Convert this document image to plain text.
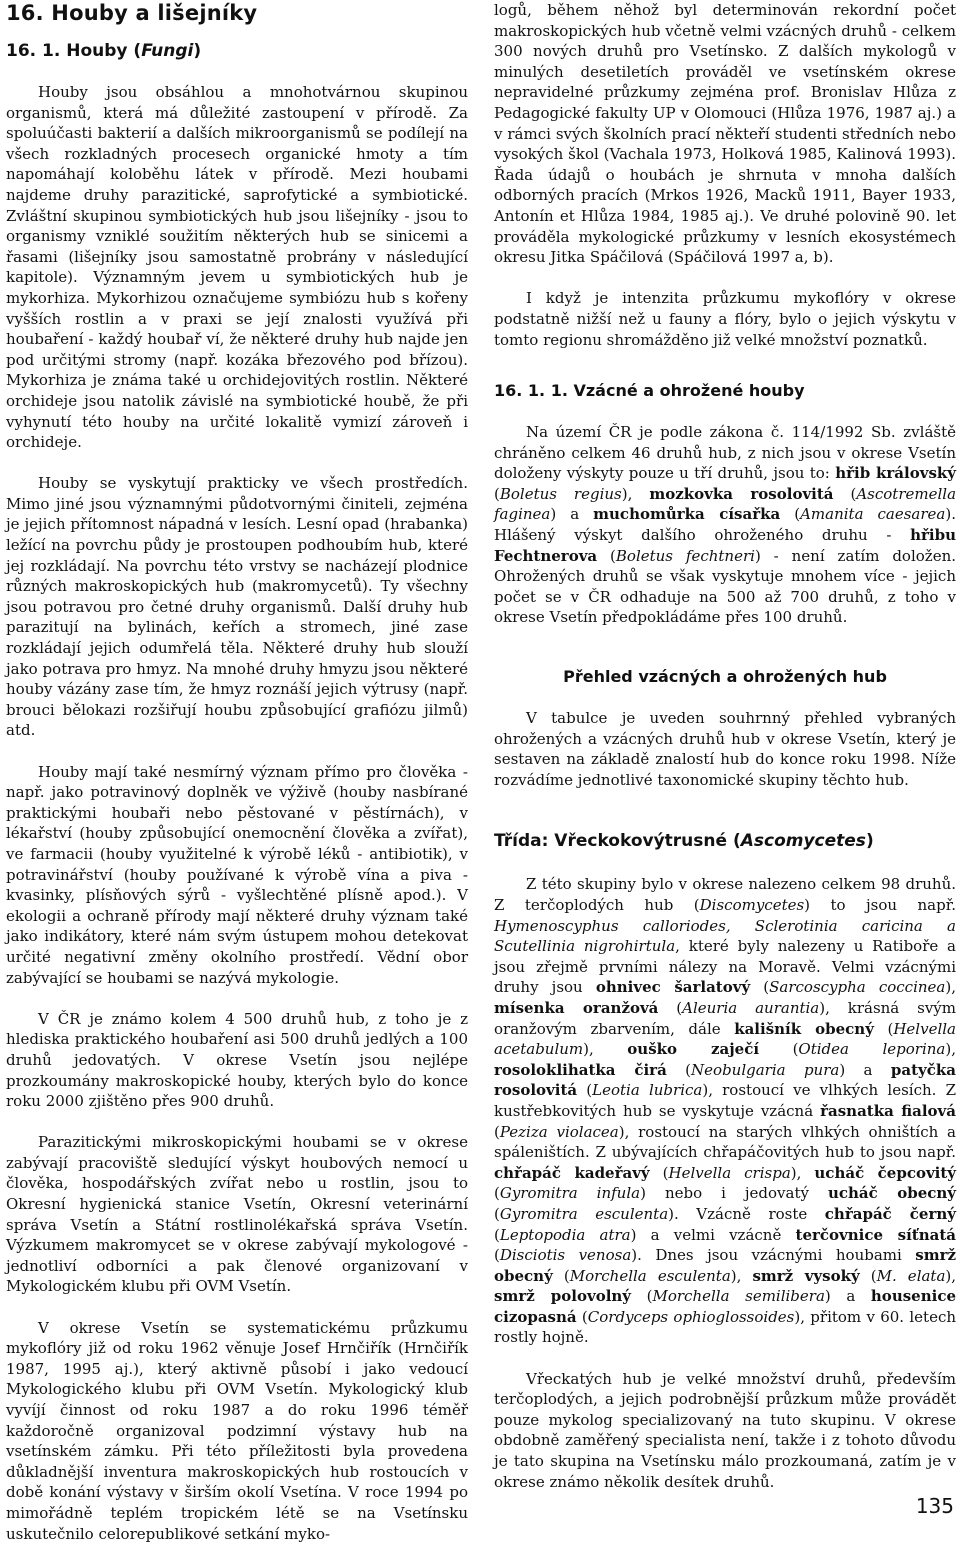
16. Houby a lišejníky
16. 1. Houby (Fungi)

Houby jsou obsáhlou a mnohotvárnou skupinou organismů, která má důležité zastoupení v přírodě. Za spoluúčasti bakterií a dalších mikroorganismů se podílejí na všech rozkladných procesech organické hmoty a tím napomáhají koloběhu látek v přírodě. Mezi houbami najdeme druhy parazitické, saprofytické a symbiotické. Zvláštní skupinou symbiotických hub jsou lišejníky - jsou to organismy vzniklé soužitím některých hub se sinicemi a řasami (lišejníky jsou samostatně probrány v následující kapitole). Významným jevem u symbiotických hub je mykorhiza. Mykorhizou označujeme symbiózu hub s kořeny vyšších rostlin a v praxi se její znalosti využívá při houbaření - každý houbař ví, že některé druhy hub najde jen pod určitými stromy (např. kozáka březového pod břízou). Mykorhiza je známa také u orchidejovitých rostlin. Některé orchideje jsou natolik závislé na symbiotické houbě, že při vyhynutí této houby na určité lokalitě vymizí zároveň i orchideje.

Houby se vyskytují prakticky ve všech prostředích. Mimo jiné jsou významnými půdotvornými činiteli, zejména je jejich přítomnost nápadná v lesích. Lesní opad (hrabanka) ležící na povrchu půdy je prostoupen podhoubím hub, které jej rozkládají. Na povrchu této vrstvy se nacházejí plodnice různých makroskopických hub (makromycetů). Ty všechny jsou potravou pro četné druhy organismů. Další druhy hub parazitují na bylinách, keřích a stromech, jiné zase rozkládají jejich odumřelá těla. Některé druhy hub slouží jako potrava pro hmyz. Na mnohé druhy hmyzu jsou některé houby vázány zase tím, že hmyz roznáší jejich výtrusy (např. brouci bělokazi rozšiřují houbu způsobující grafiózu jilmů) atd.

Houby mají také nesmírný význam přímo pro člověka - např. jako potravinový doplněk ve výživě (houby nasbírané praktickými houbaři nebo pěstované v pěstírnách), v lékařství (houby způsobující onemocnění člověka a zvířat), ve farmacii (houby využitelné k výrobě léků - antibiotik), v potravinářství (houby používané k výrobě vína a piva - kvasinky, plísňových sýrů - vyšlechtěné plísně apod.). V ekologii a ochraně přírody mají některé druhy význam také jako indikátory, které nám svým ústupem mohou detekovat určité negativní změny okolního prostředí. Vědní obor zabývající se houbami se nazývá mykologie.

V ČR je známo kolem 4 500 druhů hub, z toho je z hlediska praktického houbaření asi 500 druhů jedlých a 100 druhů jedovatých. V okrese Vsetín jsou nejlépe prozkoumány makroskopické houby, kterých bylo do konce roku 2000 zjištěno přes 900 druhů.

Parazitickými mikroskopickými houbami se v okrese zabývají pracoviště sledující výskyt houbových nemocí u člověka, hospodářských zvířat nebo u rostlin, jsou to Okresní hygienická stanice Vsetín, Okresní veterinární správa Vsetín a Státní rostlinolékařská správa Vsetín. Výzkumem makromycet se v okrese zabývají mykologové - jednotliví odborníci a pak členové organizovaní v Mykologickém klubu při OVM Vsetín.

V okrese Vsetín se systematickému průzkumu mykoflóry již od roku 1962 věnuje Josef Hrnčiřík (Hrnčiřík 1987, 1995 aj.), který aktivně působí i jako vedoucí Mykologického klubu při OVM Vsetín. Mykologický klub vyvíjí činnost od roku 1987 a do roku 1996 téměř každoročně organizoval podzimní výstavy hub na vsetínském zámku. Při této příležitosti byla provedena důkladnější inventura makroskopických hub rostoucích v době konání výstavy v širším okolí Vsetína. V roce 1994 po mimořádně teplém tropickém létě se na Vsetínsku uskutečnilo celorepublikové setkání myko-

logů, během něhož byl determinován rekordní počet makroskopických hub včetně velmi vzácných druhů - celkem 300 nových druhů pro Vsetínsko. Z dalších mykologů v minulých desetiletích prováděl ve vsetínském okrese nepravidelné průzkumy zejména prof. Bronislav Hlůza z Pedagogické fakulty UP v Olomouci (Hlůza 1976, 1987 aj.) a v rámci svých školních prací někteří studenti středních nebo vysokých škol (Vachala 1973, Holková 1985, Kalinová 1993). Řada údajů o houbách je shrnuta v mnoha dalších odborných pracích (Mrkos 1926, Macků 1911, Bayer 1933, Antonín et Hlůza 1984, 1985 aj.). Ve druhé polovině 90. let prováděla mykologické průzkumy v lesních ekosystémech okresu Jitka Spáčilová (Spáčilová 1997 a, b).

I když je intenzita průzkumu mykoflóry v okrese podstatně nižší než u fauny a flóry, bylo o jejich výskytu v tomto regionu shromážděno již velké množství poznatků.

16. 1. 1. Vzácné a ohrožené houby

Na území ČR je podle zákona č. 114/1992 Sb. zvláště chráněno celkem 46 druhů hub, z nich jsou v okrese Vsetín doloženy výskyty pouze u tří druhů, jsou to: hřib královský (Boletus regius), mozkovka rosolovitá (Ascotremella faginea) a muchomůrka císařka (Amanita caesarea). Hlášený výskyt dalšího ohroženého druhu - hřibu Fechtnerova (Boletus fechtneri) - není zatím doložen. Ohrožených druhů se však vyskytuje mnohem více - jejich počet se v ČR odhaduje na 500 až 700 druhů, z toho v okrese Vsetín předpokládáme přes 100 druhů.

Přehled vzácných a ohrožených hub

V tabulce je uveden souhrnný přehled vybraných ohrožených a vzácných druhů hub v okrese Vsetín, který je sestaven na základě znalostí hub do konce roku 1998. Níže rozvádíme jednotlivé taxonomické skupiny těchto hub.

Třída: Vřeckokovýtrusné (Ascomycetes)

Z této skupiny bylo v okrese nalezeno celkem 98 druhů. Z terčoplodých hub (Discomycetes) to jsou např. Hymenoscyphus calloriodes, Sclerotinia caricina a Scutellinia nigrohirtula, které byly nalezeny u Ratiboře a jsou zřejmě prvními nálezy na Moravě. Velmi vzácnými druhy jsou ohnivec šarlatový (Sarcoscypha coccinea), mísenka oranžová (Aleuria aurantia), krásná svým oranžovým zbarvením, dále kališník obecný (Helvella acetabulum), ouško zaječí (Otidea leporina), rosoloklihatka čirá (Neobulgaria pura) a patyčka rosolovitá (Leotia lubrica), rostoucí ve vlhkých lesích. Z kustřebkovitých hub se vyskytuje vzácná řasnatka fialová (Peziza violacea), rostoucí na starých vlhkých ohništích a spáleništích. Z ubývajících chřapáčovitých hub to jsou např. chřapáč kadeřavý (Helvella crispa), ucháč čepcovitý (Gyromitra infula) nebo i jedovatý ucháč obecný (Gyromitra esculenta). Vzácně roste chřapáč černý (Leptopodia atra) a velmi vzácně terčovnice síťnatá (Disciotis venosa). Dnes jsou vzácnými houbami smrž obecný (Morchella esculenta), smrž vysoký (M. elata), smrž polovolný (Morchella semilibera) a housenice cizopasná (Cordyceps ophioglossoides), přitom v 60. letech rostly hojně.

Vřeckatých hub je velké množství druhů, především terčoplodých, a jejich podrobnější průzkum může provádět pouze mykolog specializovaný na tuto skupinu. V okrese obdobně zaměřený specialista není, takže i z tohoto důvodu je tato skupina na Vsetínsku málo prozkoumaná, zatím je v okrese známo několik desítek druhů.

135
